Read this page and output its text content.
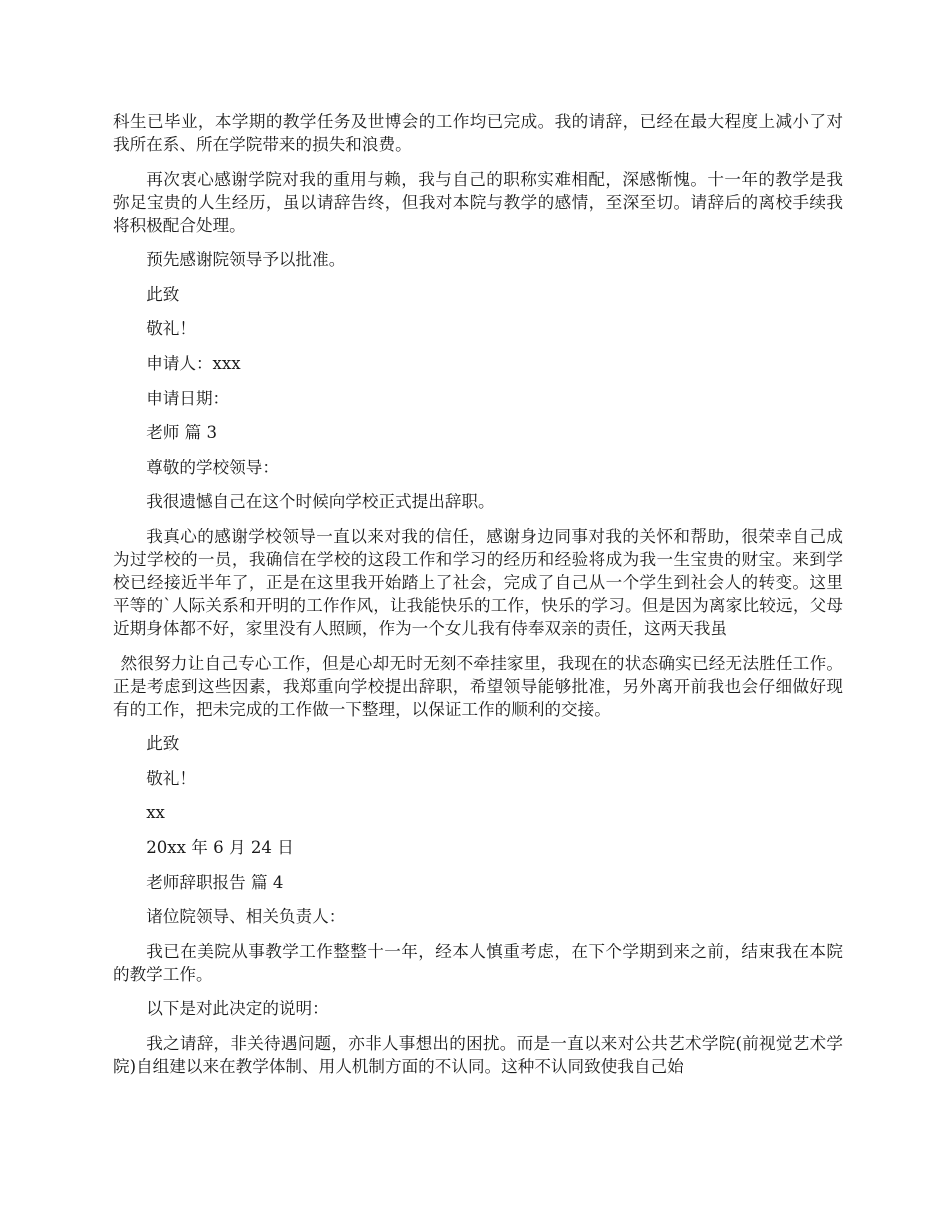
科生已毕业，本学期的教学任务及世博会的工作均已完成。我的请辞，已经在最大程度上减小了对我所在系、所在学院带来的损失和浪费。

再次衷心感谢学院对我的重用与赖，我与自己的职称实难相配，深感惭愧。十一年的教学是我弥足宝贵的人生经历，虽以请辞告终，但我对本院与教学的感情，至深至切。请辞后的离校手续我将积极配合处理。

预先感谢院领导予以批准。

此致

敬礼！

申请人：xxx

申请日期：

老师 篇 3

尊敬的学校领导：

我很遗憾自己在这个时候向学校正式提出辞职。

我真心的感谢学校领导一直以来对我的信任，感谢身边同事对我的关怀和帮助，很荣幸自己成为过学校的一员，我确信在学校的这段工作和学习的经历和经验将成为我一生宝贵的财宝。来到学校已经接近半年了，正是在这里我开始踏上了社会，完成了自己从一个学生到社会人的转变。这里平等的`人际关系和开明的工作作风，让我能快乐的工作，快乐的学习。但是因为离家比较远，父母近期身体都不好，家里没有人照顾，作为一个女儿我有侍奉双亲的责任，这两天我虽

然很努力让自己专心工作，但是心却无时无刻不牵挂家里，我现在的状态确实已经无法胜任工作。正是考虑到这些因素，我郑重向学校提出辞职，希望领导能够批准，另外离开前我也会仔细做好现有的工作，把未完成的工作做一下整理，以保证工作的顺利的交接。

此致

敬礼！

xx

20xx 年 6 月 24 日

老师辞职报告 篇 4

诸位院领导、相关负责人：

我已在美院从事教学工作整整十一年，经本人慎重考虑，在下个学期到来之前，结束我在本院的教学工作。

以下是对此决定的说明：

我之请辞，非关待遇问题，亦非人事想出的困扰。而是一直以来对公共艺术学院(前视觉艺术学院)自组建以来在教学体制、用人机制方面的不认同。这种不认同致使我自己始
